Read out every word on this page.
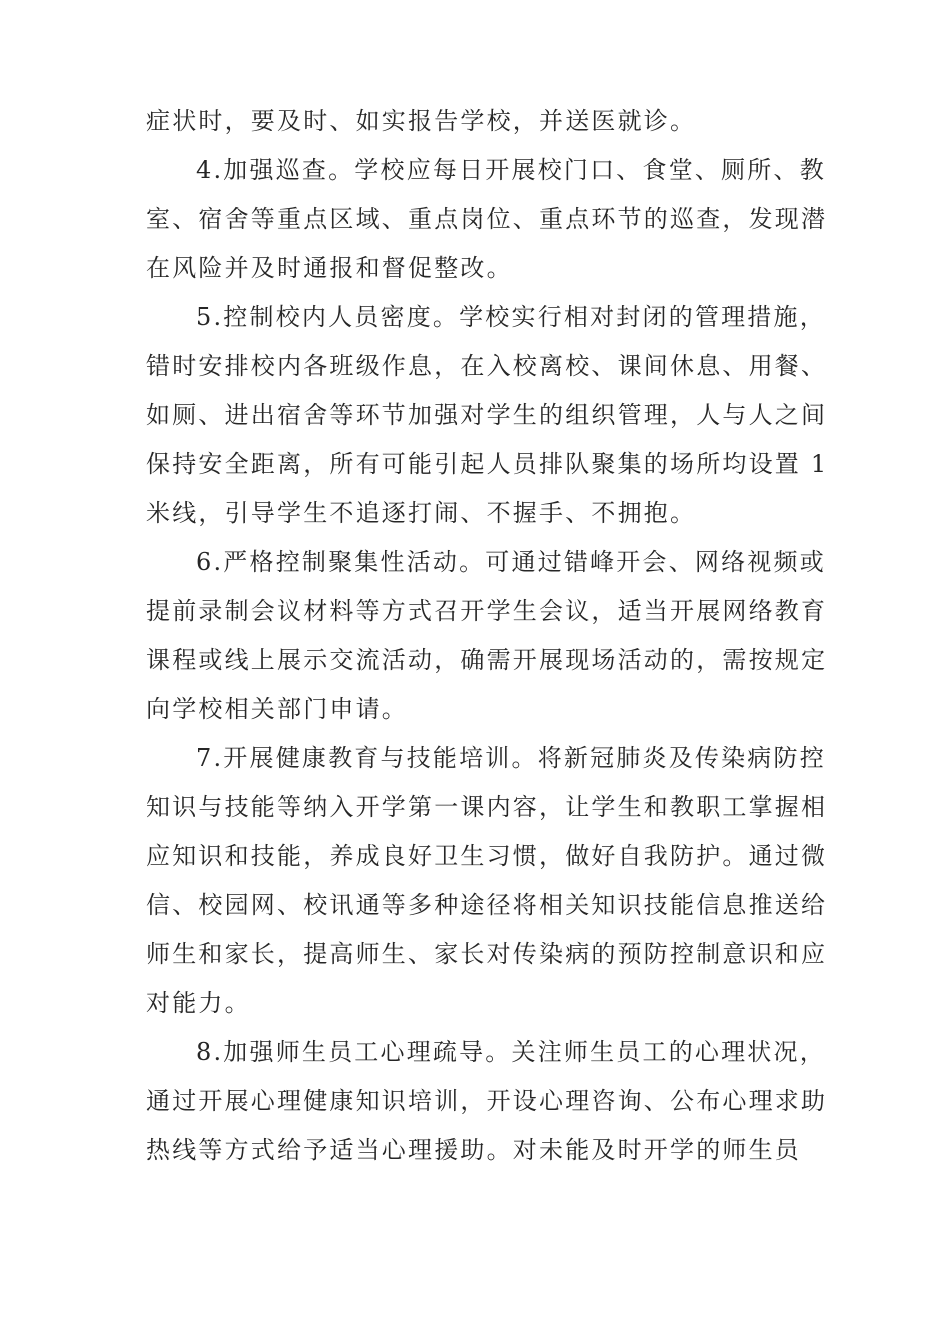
症状时，要及时、如实报告学校，并送医就诊。
4.加强巡查。学校应每日开展校门口、食堂、厕所、教
室、宿舍等重点区域、重点岗位、重点环节的巡查，发现潜
在风险并及时通报和督促整改。
5.控制校内人员密度。学校实行相对封闭的管理措施，
错时安排校内各班级作息，在入校离校、课间休息、用餐、
如厕、进出宿舍等环节加强对学生的组织管理，人与人之间
保持安全距离，所有可能引起人员排队聚集的场所均设置 1
米线，引导学生不追逐打闹、不握手、不拥抱。
6.严格控制聚集性活动。可通过错峰开会、网络视频或
提前录制会议材料等方式召开学生会议，适当开展网络教育
课程或线上展示交流活动，确需开展现场活动的，需按规定
向学校相关部门申请。
7.开展健康教育与技能培训。将新冠肺炎及传染病防控
知识与技能等纳入开学第一课内容，让学生和教职工掌握相
应知识和技能，养成良好卫生习惯，做好自我防护。通过微
信、校园网、校讯通等多种途径将相关知识技能信息推送给
师生和家长，提高师生、家长对传染病的预防控制意识和应
对能力。
8.加强师生员工心理疏导。关注师生员工的心理状况，
通过开展心理健康知识培训，开设心理咨询、公布心理求助
热线等方式给予适当心理援助。对未能及时开学的师生员
